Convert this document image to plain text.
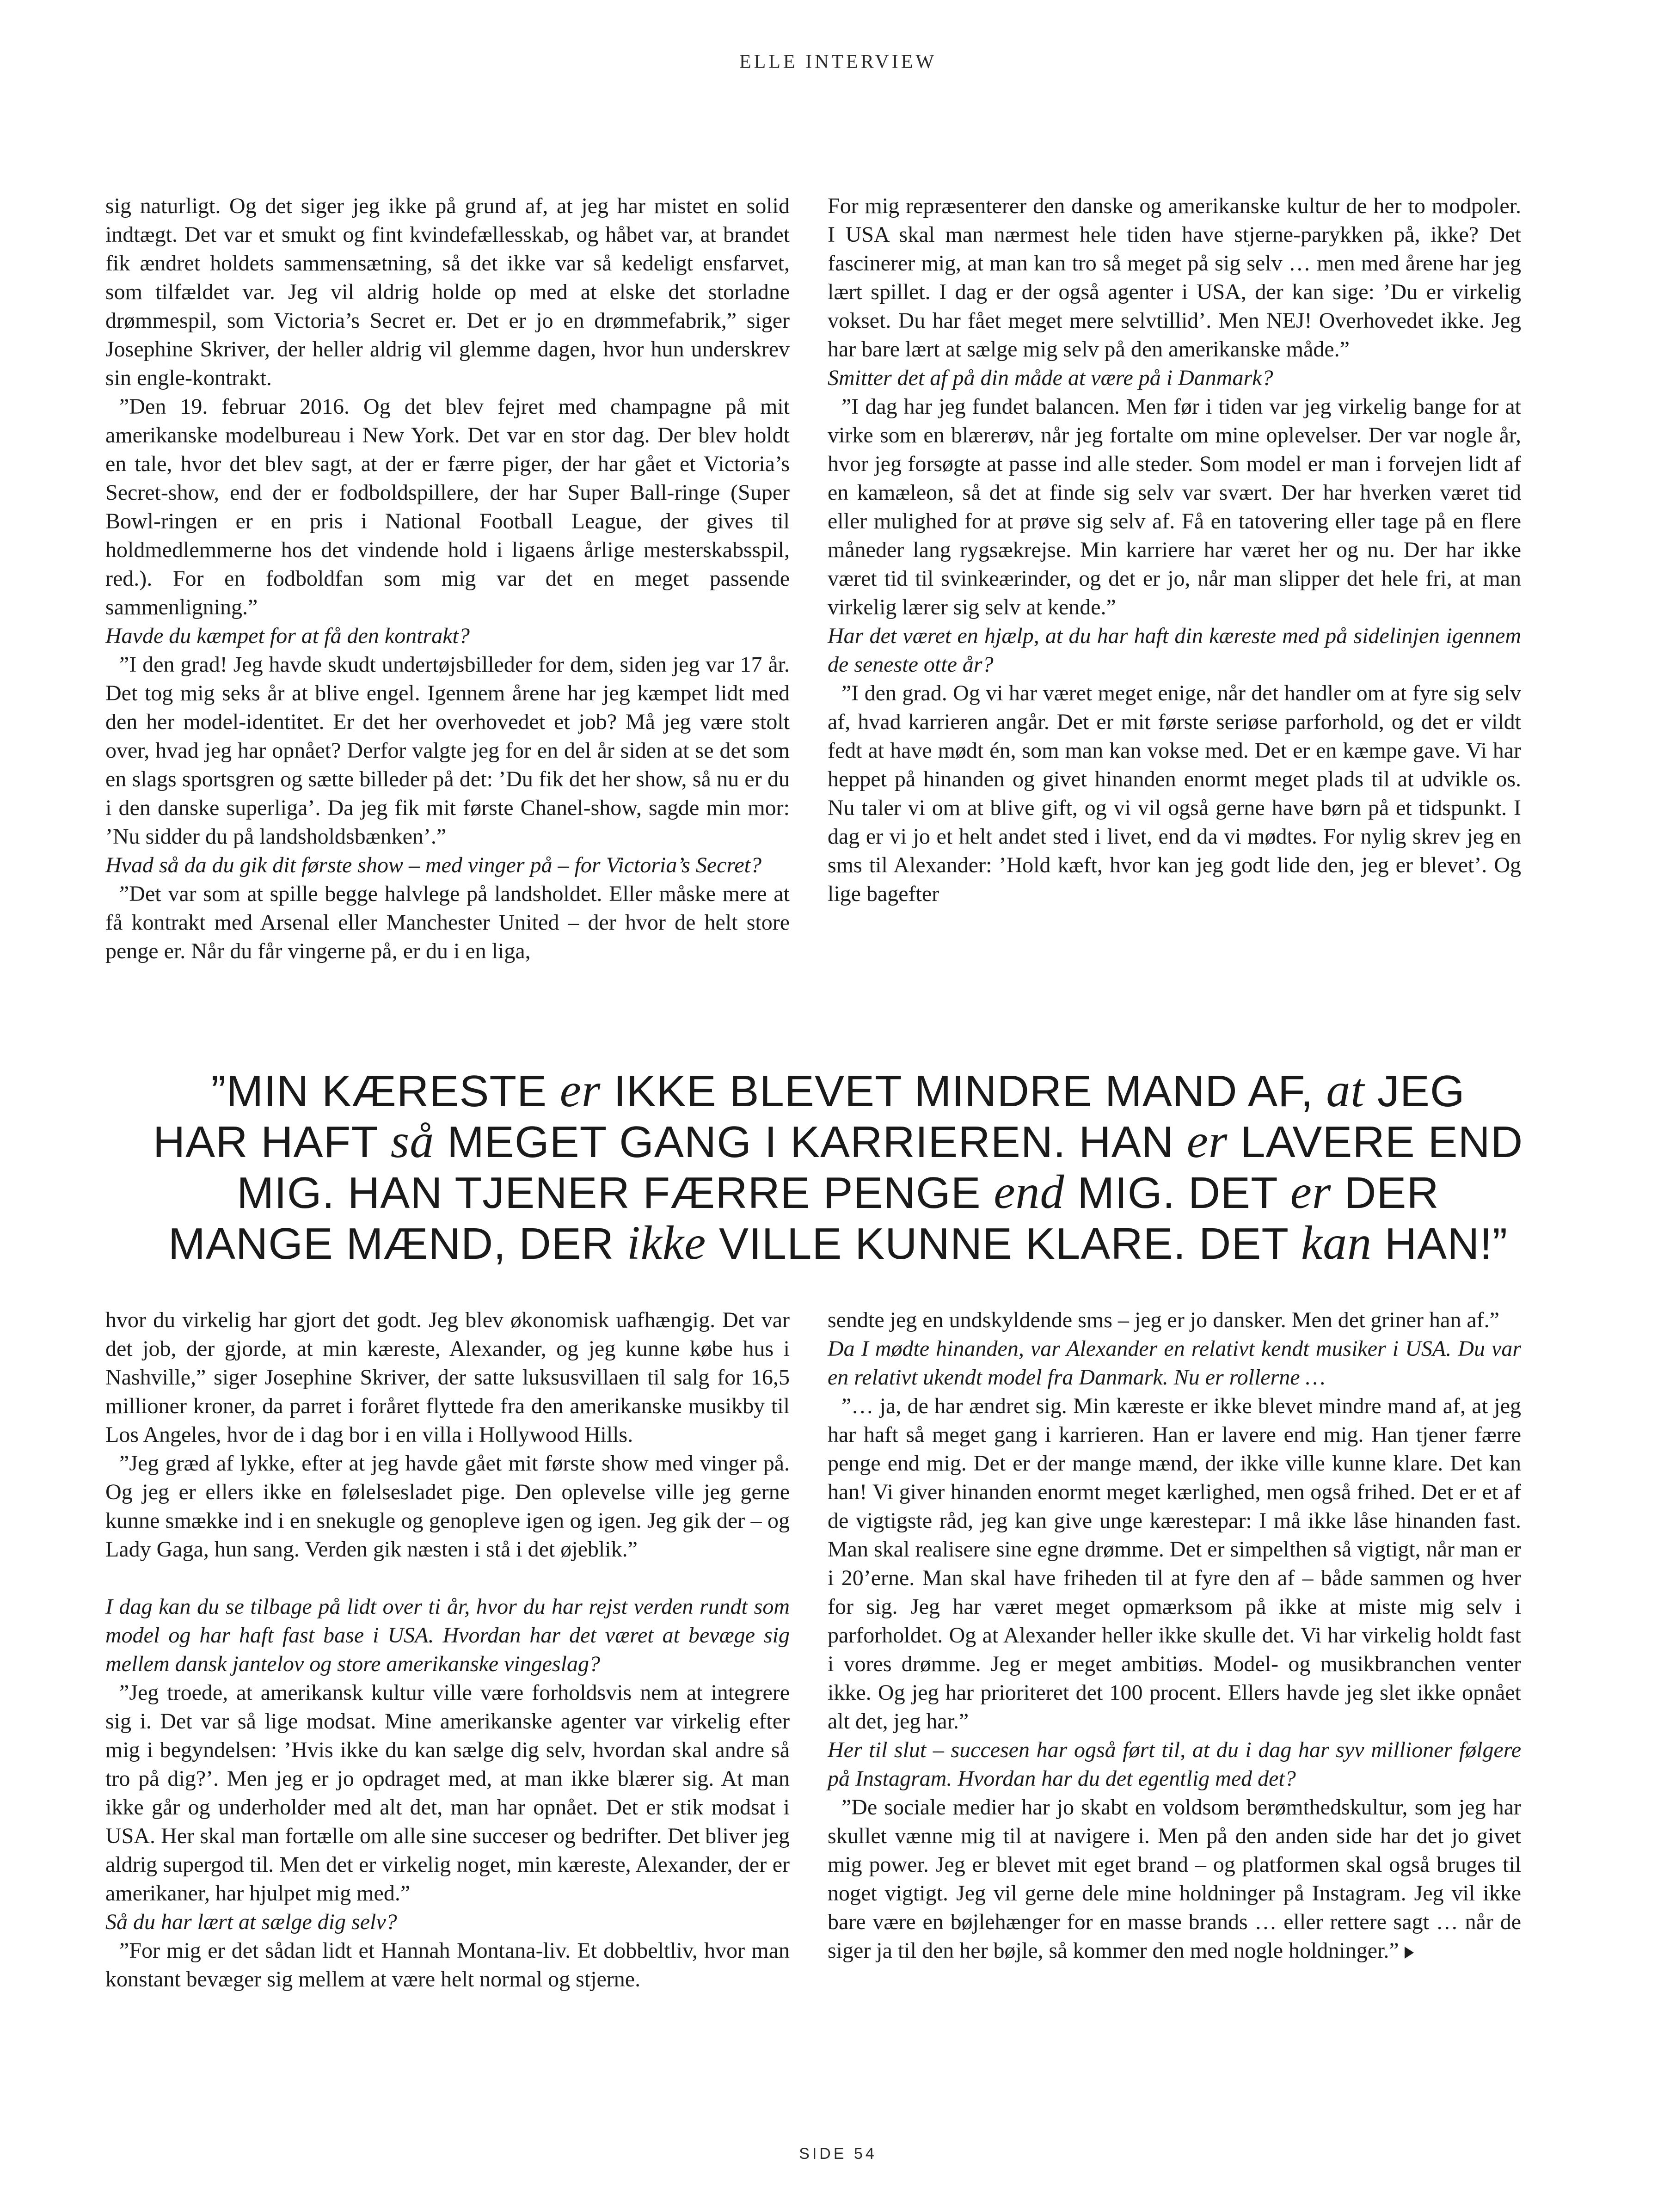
ELLE INTERVIEW

sig naturligt. Og det siger jeg ikke på grund af, at jeg har mistet en solid indtægt. Det var et smukt og fint kvindefællesskab, og håbet var, at brandet fik ændret holdets sammensætning, så det ikke var så kedeligt ensfarvet, som tilfældet var. Jeg vil aldrig holde op med at elske det storladne drømmespil, som Victoria’s Secret er. Det er jo en drømmefabrik,” siger Josephine Skriver, der heller aldrig vil glemme dagen, hvor hun underskrev sin engle-kontrakt.

”Den 19. februar 2016. Og det blev fejret med champagne på mit amerikanske modelbureau i New York. Det var en stor dag. Der blev holdt en tale, hvor det blev sagt, at der er færre piger, der har gået et Victoria’s Secret-show, end der er fodboldspillere, der har Super Ball-ringe (Super Bowl-ringen er en pris i National Football League, der gives til holdmedlemmerne hos det vindende hold i ligaens årlige mesterskabsspil, red.). For en fodboldfan som mig var det en meget passende sammenligning.”

Havde du kæmpet for at få den kontrakt?

”I den grad! Jeg havde skudt undertøjsbilleder for dem, siden jeg var 17 år. Det tog mig seks år at blive engel. Igennem årene har jeg kæmpet lidt med den her model-identitet. Er det her overhovedet et job? Må jeg være stolt over, hvad jeg har opnået? Derfor valgte jeg for en del år siden at se det som en slags sportsgren og sætte billeder på det: ’Du fik det her show, så nu er du i den danske superliga’. Da jeg fik mit første Chanel-show, sagde min mor: ’Nu sidder du på landsholdsbænken’.”

Hvad så da du gik dit første show – med vinger på – for Victoria’s Secret?

”Det var som at spille begge halvlege på landsholdet. Eller måske mere at få kontrakt med Arsenal eller Manchester United – der hvor de helt store penge er. Når du får vingerne på, er du i en liga,

For mig repræsenterer den danske og amerikanske kultur de her to modpoler. I USA skal man nærmest hele tiden have stjerne-parykken på, ikke? Det fascinerer mig, at man kan tro så meget på sig selv … men med årene har jeg lært spillet. I dag er der også agenter i USA, der kan sige: ’Du er virkelig vokset. Du har fået meget mere selvtillid’. Men NEJ! Overhovedet ikke. Jeg har bare lært at sælge mig selv på den amerikanske måde.”

Smitter det af på din måde at være på i Danmark?

”I dag har jeg fundet balancen. Men før i tiden var jeg virkelig bange for at virke som en blærerøv, når jeg fortalte om mine oplevelser. Der var nogle år, hvor jeg forsøgte at passe ind alle steder. Som model er man i forvejen lidt af en kamæleon, så det at finde sig selv var svært. Der har hverken været tid eller mulighed for at prøve sig selv af. Få en tatovering eller tage på en flere måneder lang rygsækrejse. Min karriere har været her og nu. Der har ikke været tid til svinkeærinder, og det er jo, når man slipper det hele fri, at man virkelig lærer sig selv at kende.”

Har det været en hjælp, at du har haft din kæreste med på sidelinjen igennem de seneste otte år?

”I den grad. Og vi har været meget enige, når det handler om at fyre sig selv af, hvad karrieren angår. Det er mit første seriøse parforhold, og det er vildt fedt at have mødt én, som man kan vokse med. Det er en kæmpe gave. Vi har heppet på hinanden og givet hinanden enormt meget plads til at udvikle os. Nu taler vi om at blive gift, og vi vil også gerne have børn på et tidspunkt. I dag er vi jo et helt andet sted i livet, end da vi mødtes. For nylig skrev jeg en sms til Alexander: ’Hold kæft, hvor kan jeg godt lide den, jeg er blevet’. Og lige bagefter

”MIN KÆRESTE er IKKE BLEVET MINDRE MAND AF, at JEG
HAR HAFT så MEGET GANG I KARRIEREN. HAN er LAVERE END
MIG. HAN TJENER FÆRRE PENGE end MIG. DET er DER
MANGE MÆND, DER ikke VILLE KUNNE KLARE. DET kan HAN!”

hvor du virkelig har gjort det godt. Jeg blev økonomisk uafhængig. Det var det job, der gjorde, at min kæreste, Alexander, og jeg kunne købe hus i Nashville,” siger Josephine Skriver, der satte luksusvillaen til salg for 16,5 millioner kroner, da parret i foråret flyttede fra den amerikanske musikby til Los Angeles, hvor de i dag bor i en villa i Hollywood Hills.

”Jeg græd af lykke, efter at jeg havde gået mit første show med vinger på. Og jeg er ellers ikke en følelsesladet pige. Den oplevelse ville jeg gerne kunne smække ind i en snekugle og genopleve igen og igen. Jeg gik der – og Lady Gaga, hun sang. Verden gik næsten i stå i det øjeblik.”

I dag kan du se tilbage på lidt over ti år, hvor du har rejst verden rundt som model og har haft fast base i USA. Hvordan har det været at bevæge sig mellem dansk jantelov og store amerikanske vingeslag?

”Jeg troede, at amerikansk kultur ville være forholdsvis nem at integrere sig i. Det var så lige modsat. Mine amerikanske agenter var virkelig efter mig i begyndelsen: ’Hvis ikke du kan sælge dig selv, hvordan skal andre så tro på dig?’. Men jeg er jo opdraget med, at man ikke blærer sig. At man ikke går og underholder med alt det, man har opnået. Det er stik modsat i USA. Her skal man fortælle om alle sine succeser og bedrifter. Det bliver jeg aldrig supergod til. Men det er virkelig noget, min kæreste, Alexander, der er amerikaner, har hjulpet mig med.”

Så du har lært at sælge dig selv?

”For mig er det sådan lidt et Hannah Montana-liv. Et dobbeltliv, hvor man konstant bevæger sig mellem at være helt normal og stjerne.

sendte jeg en undskyldende sms – jeg er jo dansker. Men det griner han af.”

Da I mødte hinanden, var Alexander en relativt kendt musiker i USA. Du var en relativt ukendt model fra Danmark. Nu er rollerne …

”… ja, de har ændret sig. Min kæreste er ikke blevet mindre mand af, at jeg har haft så meget gang i karrieren. Han er lavere end mig. Han tjener færre penge end mig. Det er der mange mænd, der ikke ville kunne klare. Det kan han! Vi giver hinanden enormt meget kærlighed, men også frihed. Det er et af de vigtigste råd, jeg kan give unge kærestepar: I må ikke låse hinanden fast. Man skal realisere sine egne drømme. Det er simpelthen så vigtigt, når man er i 20’erne. Man skal have friheden til at fyre den af – både sammen og hver for sig. Jeg har været meget opmærksom på ikke at miste mig selv i parforholdet. Og at Alexander heller ikke skulle det. Vi har virkelig holdt fast i vores drømme. Jeg er meget ambitiøs. Model- og musikbranchen venter ikke. Og jeg har prioriteret det 100 procent. Ellers havde jeg slet ikke opnået alt det, jeg har.”

Her til slut – succesen har også ført til, at du i dag har syv millioner følgere på Instagram. Hvordan har du det egentlig med det?

”De sociale medier har jo skabt en voldsom berømthedskultur, som jeg har skullet vænne mig til at navigere i. Men på den anden side har det jo givet mig power. Jeg er blevet mit eget brand – og platformen skal også bruges til noget vigtigt. Jeg vil gerne dele mine holdninger på Instagram. Jeg vil ikke bare være en bøjlehænger for en masse brands … eller rettere sagt … når de siger ja til den her bøjle, så kommer den med nogle holdninger.”

SIDE 54
